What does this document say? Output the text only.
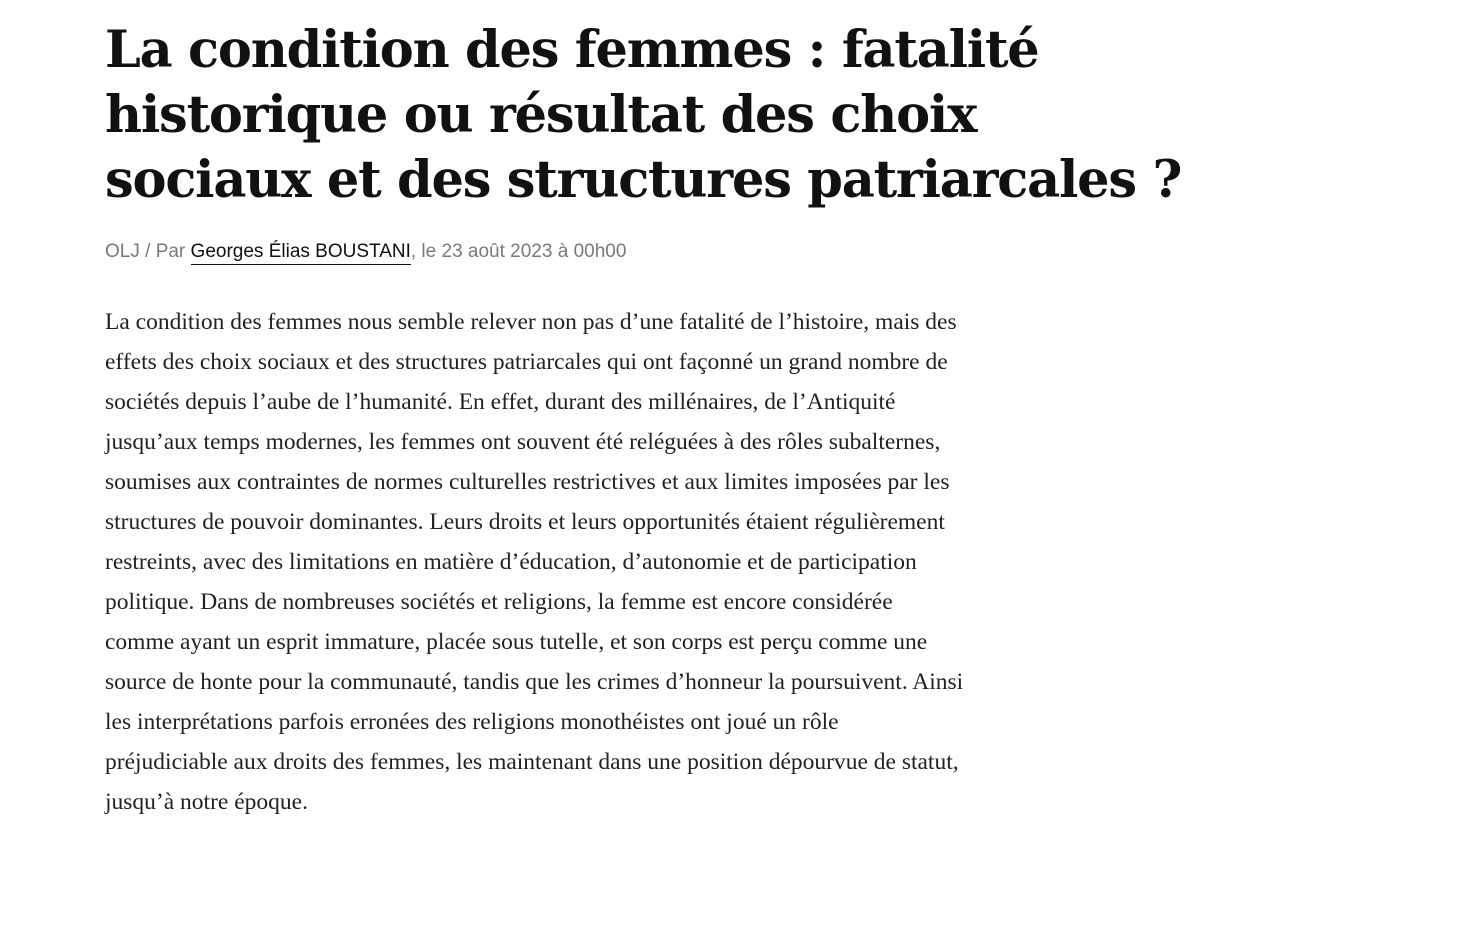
La condition des femmes : fatalité historique ou résultat des choix sociaux et des structures patriarcales ?
OLJ / Par Georges Élias BOUSTANI, le 23 août 2023 à 00h00

La condition des femmes nous semble relever non pas d’une fatalité de l’histoire, mais des effets des choix sociaux et des structures patriarcales qui ont façonné un grand nombre de sociétés depuis l’aube de l’humanité. En effet, durant des millénaires, de l’Antiquité jusqu’aux temps modernes, les femmes ont souvent été reléguées à des rôles subalternes, soumises aux contraintes de normes culturelles restrictives et aux limites imposées par les structures de pouvoir dominantes. Leurs droits et leurs opportunités étaient régulièrement restreints, avec des limitations en matière d’éducation, d’autonomie et de participation politique. Dans de nombreuses sociétés et religions, la femme est encore considérée comme ayant un esprit immature, placée sous tutelle, et son corps est perçu comme une source de honte pour la communauté, tandis que les crimes d’honneur la poursuivent. Ainsi les interprétations parfois erronées des religions monothéistes ont joué un rôle préjudiciable aux droits des femmes, les maintenant dans une position dépourvue de statut, jusqu’à notre époque.
